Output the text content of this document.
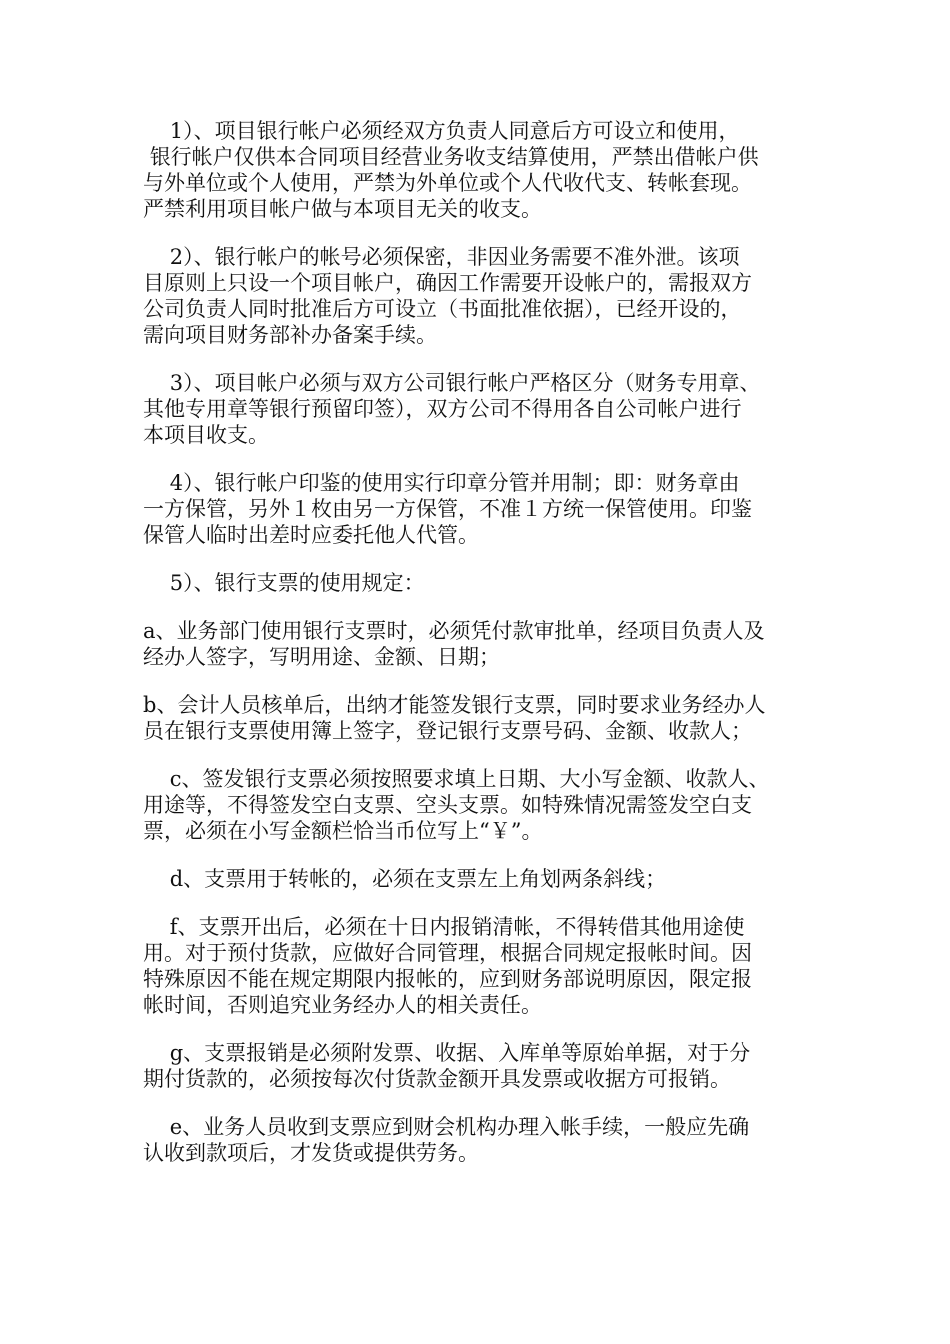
1）、项目银行帐户必须经双方负责人同意后方可设立和使用，
银行帐户仅供本合同项目经营业务收支结算使用，严禁出借帐户供
与外单位或个人使用，严禁为外单位或个人代收代支、转帐套现。
严禁利用项目帐户做与本项目无关的收支。

2）、银行帐户的帐号必须保密，非因业务需要不准外泄。该项
目原则上只设一个项目帐户，确因工作需要开设帐户的，需报双方
公司负责人同时批准后方可设立（书面批准依据），已经开设的，
需向项目财务部补办备案手续。

3）、项目帐户必须与双方公司银行帐户严格区分（财务专用章、
其他专用章等银行预留印签），双方公司不得用各自公司帐户进行
本项目收支。

4）、银行帐户印鉴的使用实行印章分管并用制；即：财务章由
一方保管，另外１枚由另一方保管，不准１方统一保管使用。印鉴
保管人临时出差时应委托他人代管。

5）、银行支票的使用规定：

a、业务部门使用银行支票时，必须凭付款审批单，经项目负责人及
经办人签字，写明用途、金额、日期；

b、会计人员核单后，出纳才能签发银行支票，同时要求业务经办人
员在银行支票使用簿上签字，登记银行支票号码、金额、收款人；

c、签发银行支票必须按照要求填上日期、大小写金额、收款人、
用途等，不得签发空白支票、空头支票。如特殊情况需签发空白支
票，必须在小写金额栏恰当币位写上“￥”。

d、支票用于转帐的，必须在支票左上角划两条斜线；

f、支票开出后，必须在十日内报销清帐，不得转借其他用途使
用。对于预付货款，应做好合同管理，根据合同规定报帐时间。因
特殊原因不能在规定期限内报帐的，应到财务部说明原因，限定报
帐时间，否则追究业务经办人的相关责任。

g、支票报销是必须附发票、收据、入库单等原始单据，对于分
期付货款的，必须按每次付货款金额开具发票或收据方可报销。

e、业务人员收到支票应到财会机构办理入帐手续，一般应先确
认收到款项后，才发货或提供劳务。
